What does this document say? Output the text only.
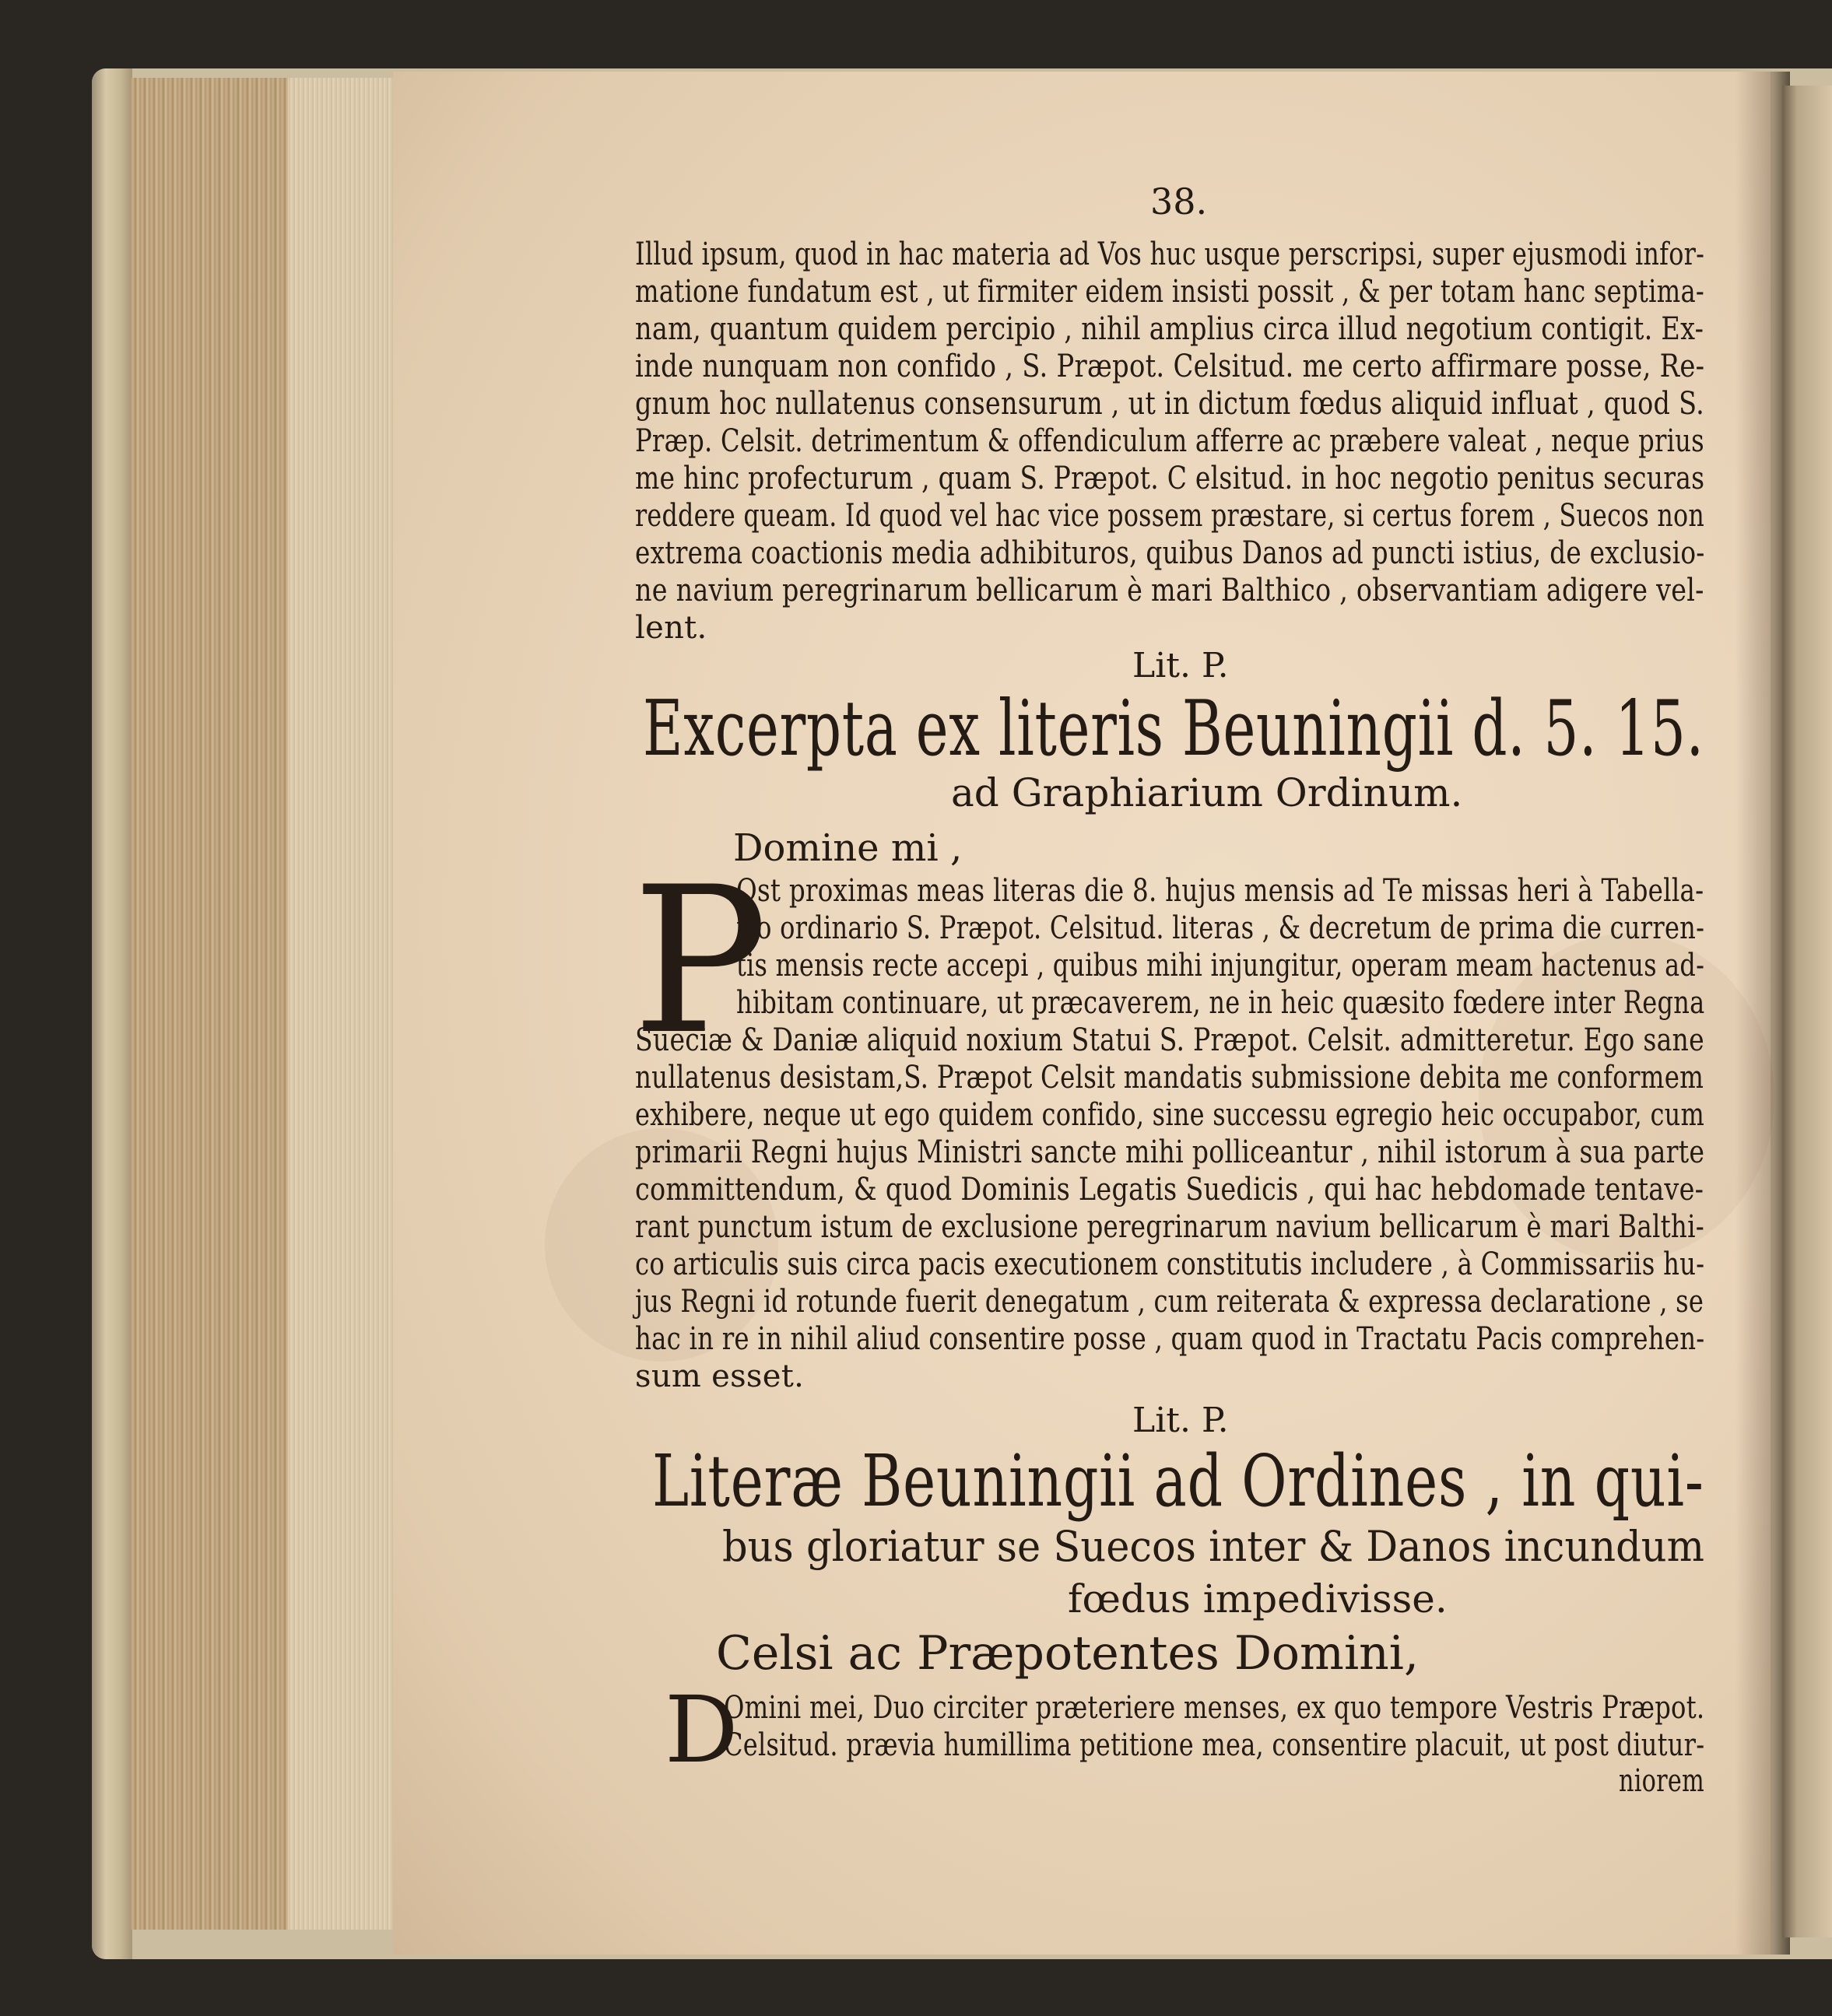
38.
Illud ipsum, quod in hac materia ad Vos huc usque perscripsi, super ejusmodi infor-
matione fundatum est , ut firmiter eidem insisti possit , & per totam hanc septima-
nam, quantum quidem percipio , nihil amplius circa illud negotium contigit. Ex-
inde nunquam non confido , S. Præpot. Celsitud. me certo affirmare posse, Re-
gnum hoc nullatenus consensurum , ut in dictum fœdus aliquid influat , quod S.
Præp. Celsit. detrimentum & offendiculum afferre ac præbere valeat , neque prius
me hinc profecturum , quam S. Præpot. C elsitud. in hoc negotio penitus securas
reddere queam. Id quod vel hac vice possem præstare, si certus forem , Suecos non
extrema coactionis media adhibituros, quibus Danos ad puncti istius, de exclusio-
ne navium peregrinarum bellicarum è mari Balthico , observantiam adigere vel-
lent.
Lit. P.
Excerpta ex literis Beuningii d. 5. 15.
ad Graphiarium Ordinum.
Domine mi ,
P
Ost proximas meas literas die 8. hujus mensis ad Te missas heri à Tabella-
rio ordinario S. Præpot. Celsitud. literas , & decretum de prima die curren-
tis mensis recte accepi , quibus mihi injungitur, operam meam hactenus ad-
hibitam continuare, ut præcaverem, ne in heic quæsito fœdere inter Regna
Sueciæ & Daniæ aliquid noxium Statui S. Præpot. Celsit. admitteretur. Ego sane
nullatenus desistam,S. Præpot Celsit mandatis submissione debita me conformem
exhibere, neque ut ego quidem confido, sine successu egregio heic occupabor, cum
primarii Regni hujus Ministri sancte mihi polliceantur , nihil istorum à sua parte
committendum, & quod Dominis Legatis Suedicis , qui hac hebdomade tentave-
rant punctum istum de exclusione peregrinarum navium bellicarum è mari Balthi-
co articulis suis circa pacis executionem constitutis includere , à Commissariis hu-
jus Regni id rotunde fuerit denegatum , cum reiterata & expressa declaratione , se
hac in re in nihil aliud consentire posse , quam quod in Tractatu Pacis comprehen-
sum esset.
Lit. P.
Literæ Beuningii ad Ordines , in qui-
bus gloriatur se Suecos inter & Danos incundum
fœdus impedivisse.
Celsi ac Præpotentes Domini,
D
Omini mei, Duo circiter præteriere menses, ex quo tempore Vestris Præpot.
Celsitud. prævia humillima petitione mea, consentire placuit, ut post diutur-
niorem
